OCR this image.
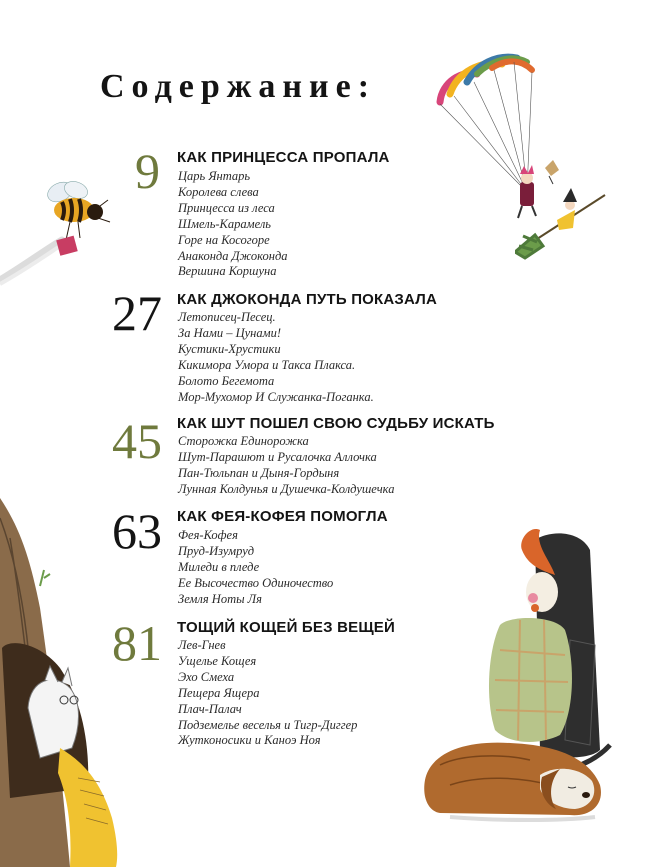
Содержание:
9 КАК ПРИНЦЕССА ПРОПАЛА
Царь Янтарь
Королева слева
Принцесса из леса
Шмель-Карамель
Горе на Косогоре
Анаконда Джоконда
Вершина Коршуна
27 КАК ДЖОКОНДА ПУТЬ ПОКАЗАЛА
Летописец-Песец.
За Нами – Цунами!
Кустики-Хрустики
Кикимора Умора и Такса Плакса.
Болото Бегемота
Мор-Мухомор И Служанка-Поганка.
45 КАК ШУТ ПОШЕЛ СВОЮ СУДЬБУ ИСКАТЬ
Сторожка Единорожка
Шут-Парашют и Русалочка Аллочка
Пан-Тюльпан и Дыня-Гордыня
Лунная Колдунья и Душечка-Колдушечка
63 КАК ФЕЯ-КОФЕЯ ПОМОГЛА
Фея-Кофея
Пруд-Изумруд
Миледи в пледе
Ее Высочество Одиночество
Земля Ноты Ля
81 ТОЩИЙ КОЩЕЙ БЕЗ ВЕЩЕЙ
Лев-Гнев
Ущелье Кощея
Эхо Смеха
Пещера Ящера
Плач-Палач
Подземелье веселья и Тигр-Диггер
Жутконосики и Каноэ Ноя
